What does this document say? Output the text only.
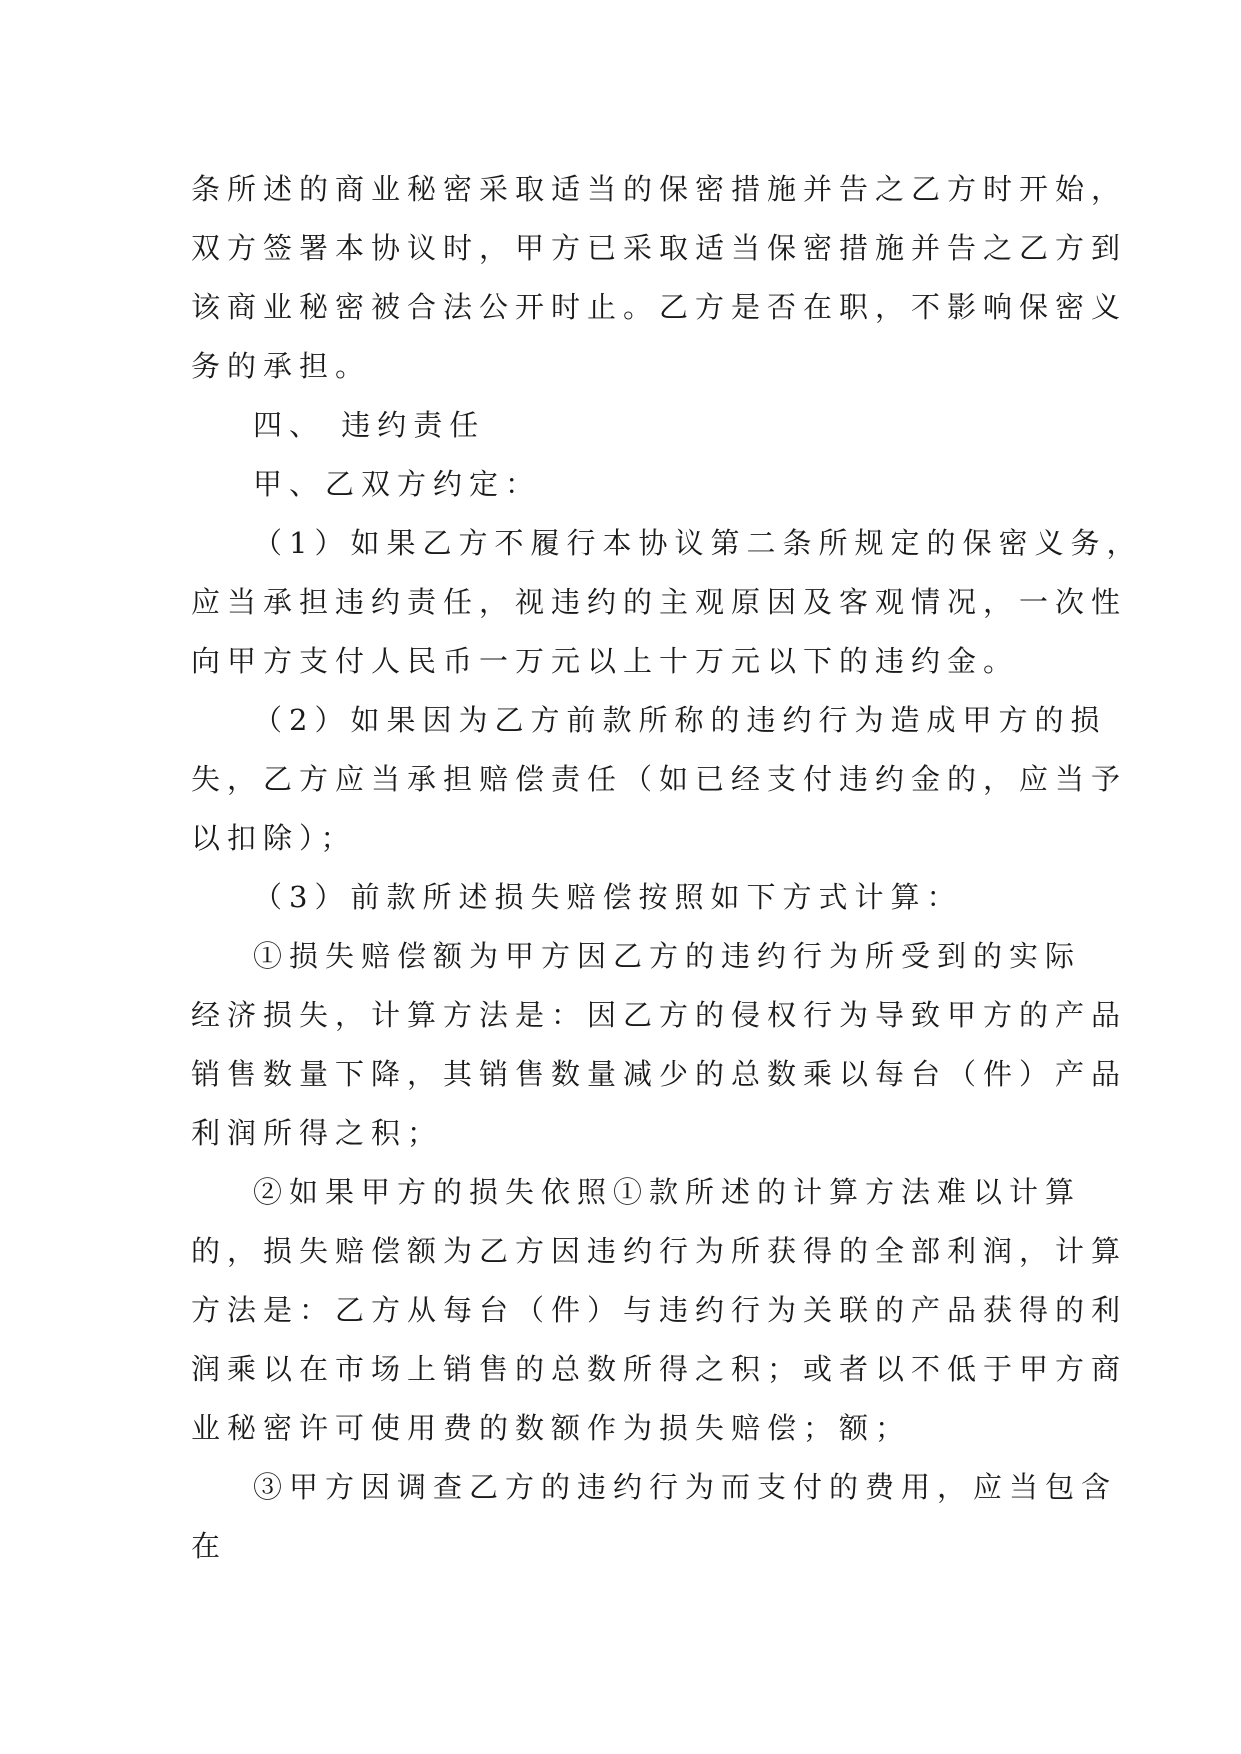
条所述的商业秘密采取适当的保密措施并告之乙方时开始，
双方签署本协议时，甲方已采取适当保密措施并告之乙方到
该商业秘密被合法公开时止。乙方是否在职，不影响保密义
务的承担。
四、 违约责任
甲、乙双方约定：
（1）如果乙方不履行本协议第二条所规定的保密义务，
应当承担违约责任，视违约的主观原因及客观情况，一次性
向甲方支付人民币一万元以上十万元以下的违约金。
（2）如果因为乙方前款所称的违约行为造成甲方的损
失，乙方应当承担赔偿责任（如已经支付违约金的，应当予
以扣除）；
（3）前款所述损失赔偿按照如下方式计算：
①损失赔偿额为甲方因乙方的违约行为所受到的实际
经济损失，计算方法是：因乙方的侵权行为导致甲方的产品
销售数量下降，其销售数量减少的总数乘以每台（件）产品
利润所得之积；
②如果甲方的损失依照①款所述的计算方法难以计算
的，损失赔偿额为乙方因违约行为所获得的全部利润，计算
方法是：乙方从每台（件）与违约行为关联的产品获得的利
润乘以在市场上销售的总数所得之积；或者以不低于甲方商
业秘密许可使用费的数额作为损失赔偿；额；
③甲方因调查乙方的违约行为而支付的费用，应当包含
在
